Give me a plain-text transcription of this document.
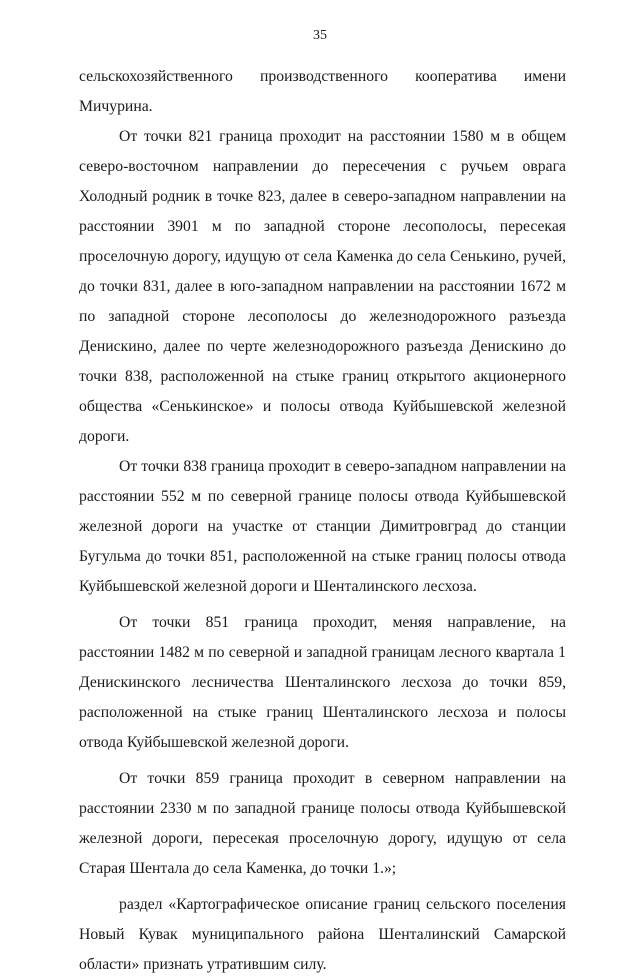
35

сельскохозяйственного производственного кооператива имени Мичурина.

От точки 821 граница проходит на расстоянии 1580 м в общем северо-восточном направлении до пересечения с ручьем оврага Холодный родник в точке 823, далее в северо-западном направлении на расстоянии 3901 м по западной стороне лесополосы, пересекая проселочную дорогу, идущую от села Каменка до села Сенькино, ручей, до точки 831, далее в юго-западном направлении на расстоянии 1672 м по западной стороне лесополосы до железнодорожного разъезда Денискино, далее по черте железнодорожного разъезда Денискино до точки 838, расположенной на стыке границ открытого акционерного общества «Сенькинское» и полосы отвода Куйбышевской железной дороги.

От точки 838 граница проходит в северо-западном направлении на расстоянии 552 м по северной границе полосы отвода Куйбышевской железной дороги на участке от станции Димитровград до станции Бугульма до точки 851, расположенной на стыке границ полосы отвода Куйбышевской железной дороги и Шенталинского лесхоза.

От точки 851 граница проходит, меняя направление, на расстоянии 1482 м по северной и западной границам лесного квартала 1 Денискинского лесничества Шенталинского лесхоза до точки 859, расположенной на стыке границ Шенталинского лесхоза и полосы отвода Куйбышевской железной дороги.

От точки 859 граница проходит в северном направлении на расстоянии 2330 м по западной границе полосы отвода Куйбышевской железной дороги, пересекая проселочную дорогу, идущую от села Старая Шентала до села Каменка, до точки 1.»;

раздел «Картографическое описание границ сельского поселения Новый Кувак муниципального района Шенталинский Самарской области» признать утратившим силу.
